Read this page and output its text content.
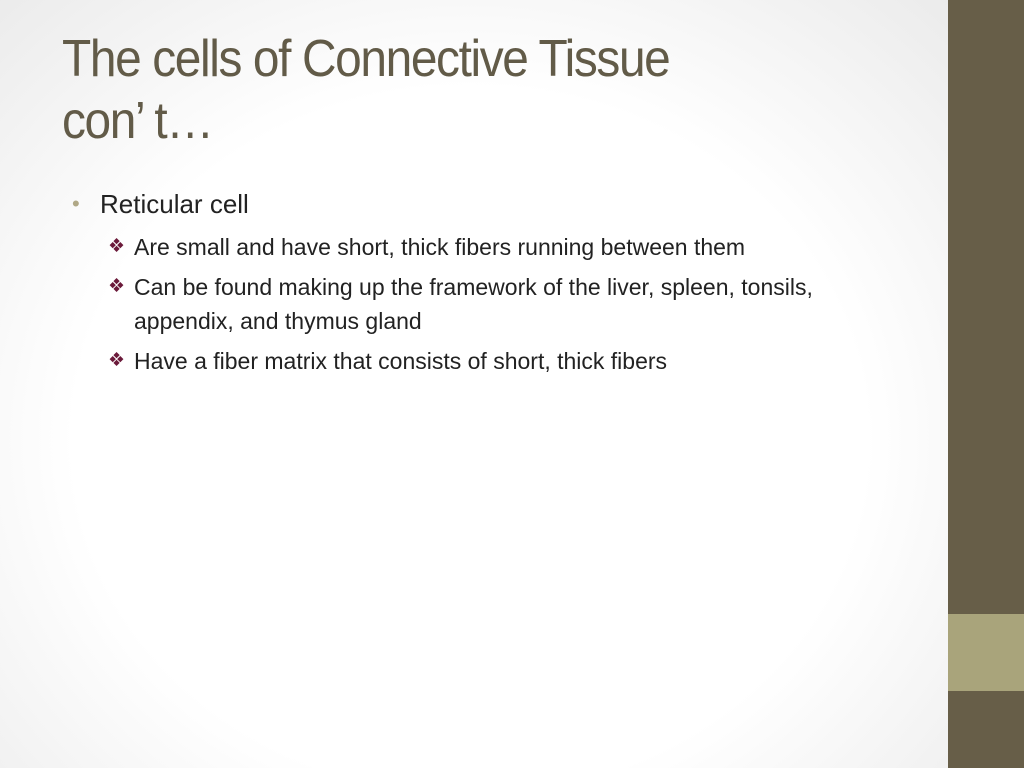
The cells of Connective Tissue
con’ t…
• Reticular cell
❖ Are small and have short, thick fibers running between them
❖ Can be found making up the framework of the liver, spleen, tonsils, appendix, and thymus gland
❖ Have a fiber matrix that consists of short, thick fibers
